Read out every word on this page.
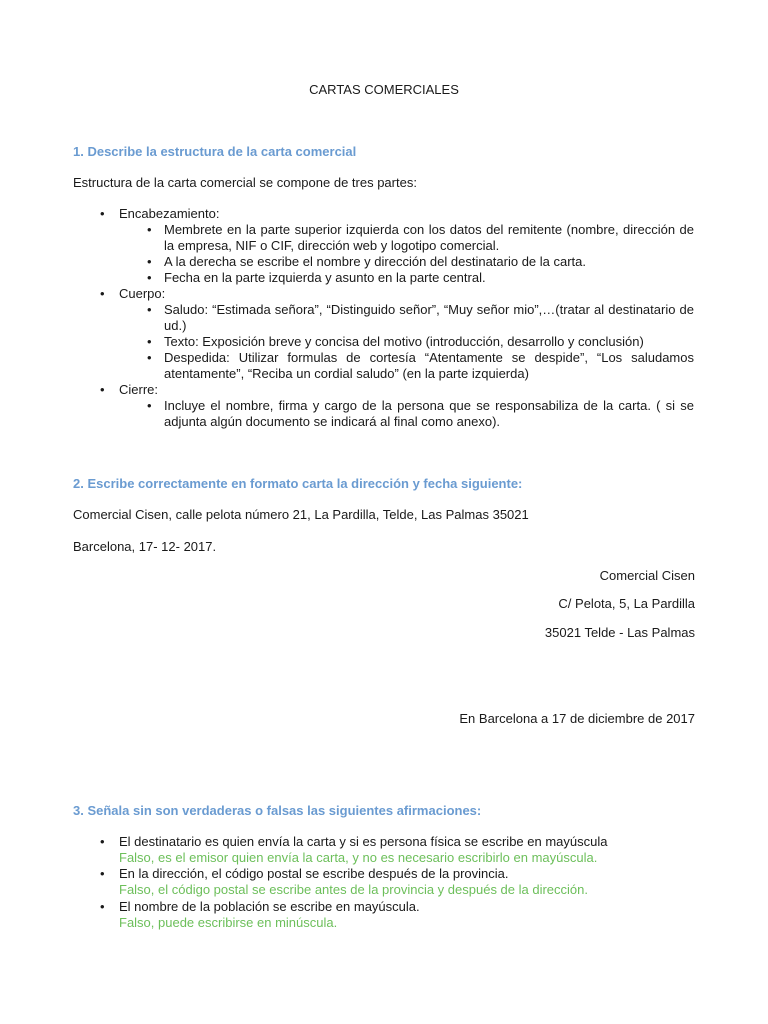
CARTAS COMERCIALES
1. Describe la estructura de la carta comercial
Estructura de la carta comercial se compone de tres partes:
•	Encabezamiento:
• Membrete en la parte superior izquierda con los datos del remitente (nombre, dirección de la empresa, NIF o CIF, dirección web y logotipo comercial.
• A la derecha se escribe el nombre y dirección del destinatario de la carta.
• Fecha en la parte izquierda y asunto en la parte central.
•	Cuerpo:
• Saludo: “Estimada señora”, “Distinguido señor”, “Muy señor mio”,…(tratar al destinatario de ud.)
• Texto: Exposición breve y concisa del motivo (introducción, desarrollo y conclusión)
• Despedida: Utilizar formulas de cortesía “Atentamente se despide”, “Los saludamos atentamente”, “Reciba un cordial saludo” (en la parte izquierda)
•	Cierre:
• Incluye el nombre, firma y cargo de la persona que se responsabiliza de la carta. ( si se adjunta algún documento se indicará al final como anexo).
2. Escribe correctamente en formato carta la dirección y fecha siguiente:
Comercial Cisen, calle pelota número 21, La Pardilla, Telde, Las Palmas 35021
Barcelona, 17- 12- 2017.
Comercial Cisen
C/ Pelota, 5, La Pardilla
35021 Telde - Las Palmas
En Barcelona a 17 de diciembre de 2017
3. Señala sin son verdaderas o falsas las siguientes afirmaciones:
•	El destinatario es quien envía la carta y si es persona física se escribe en mayúscula
Falso, es el emisor quien envía la carta, y no es necesario escribirlo en mayúscula.
•	En la dirección, el código postal se escribe después de la provincia.
Falso, el código postal se escribe antes de la provincia y después de la dirección.
•	El nombre de la población se escribe en mayúscula.
Falso, puede escribirse en minúscula.
